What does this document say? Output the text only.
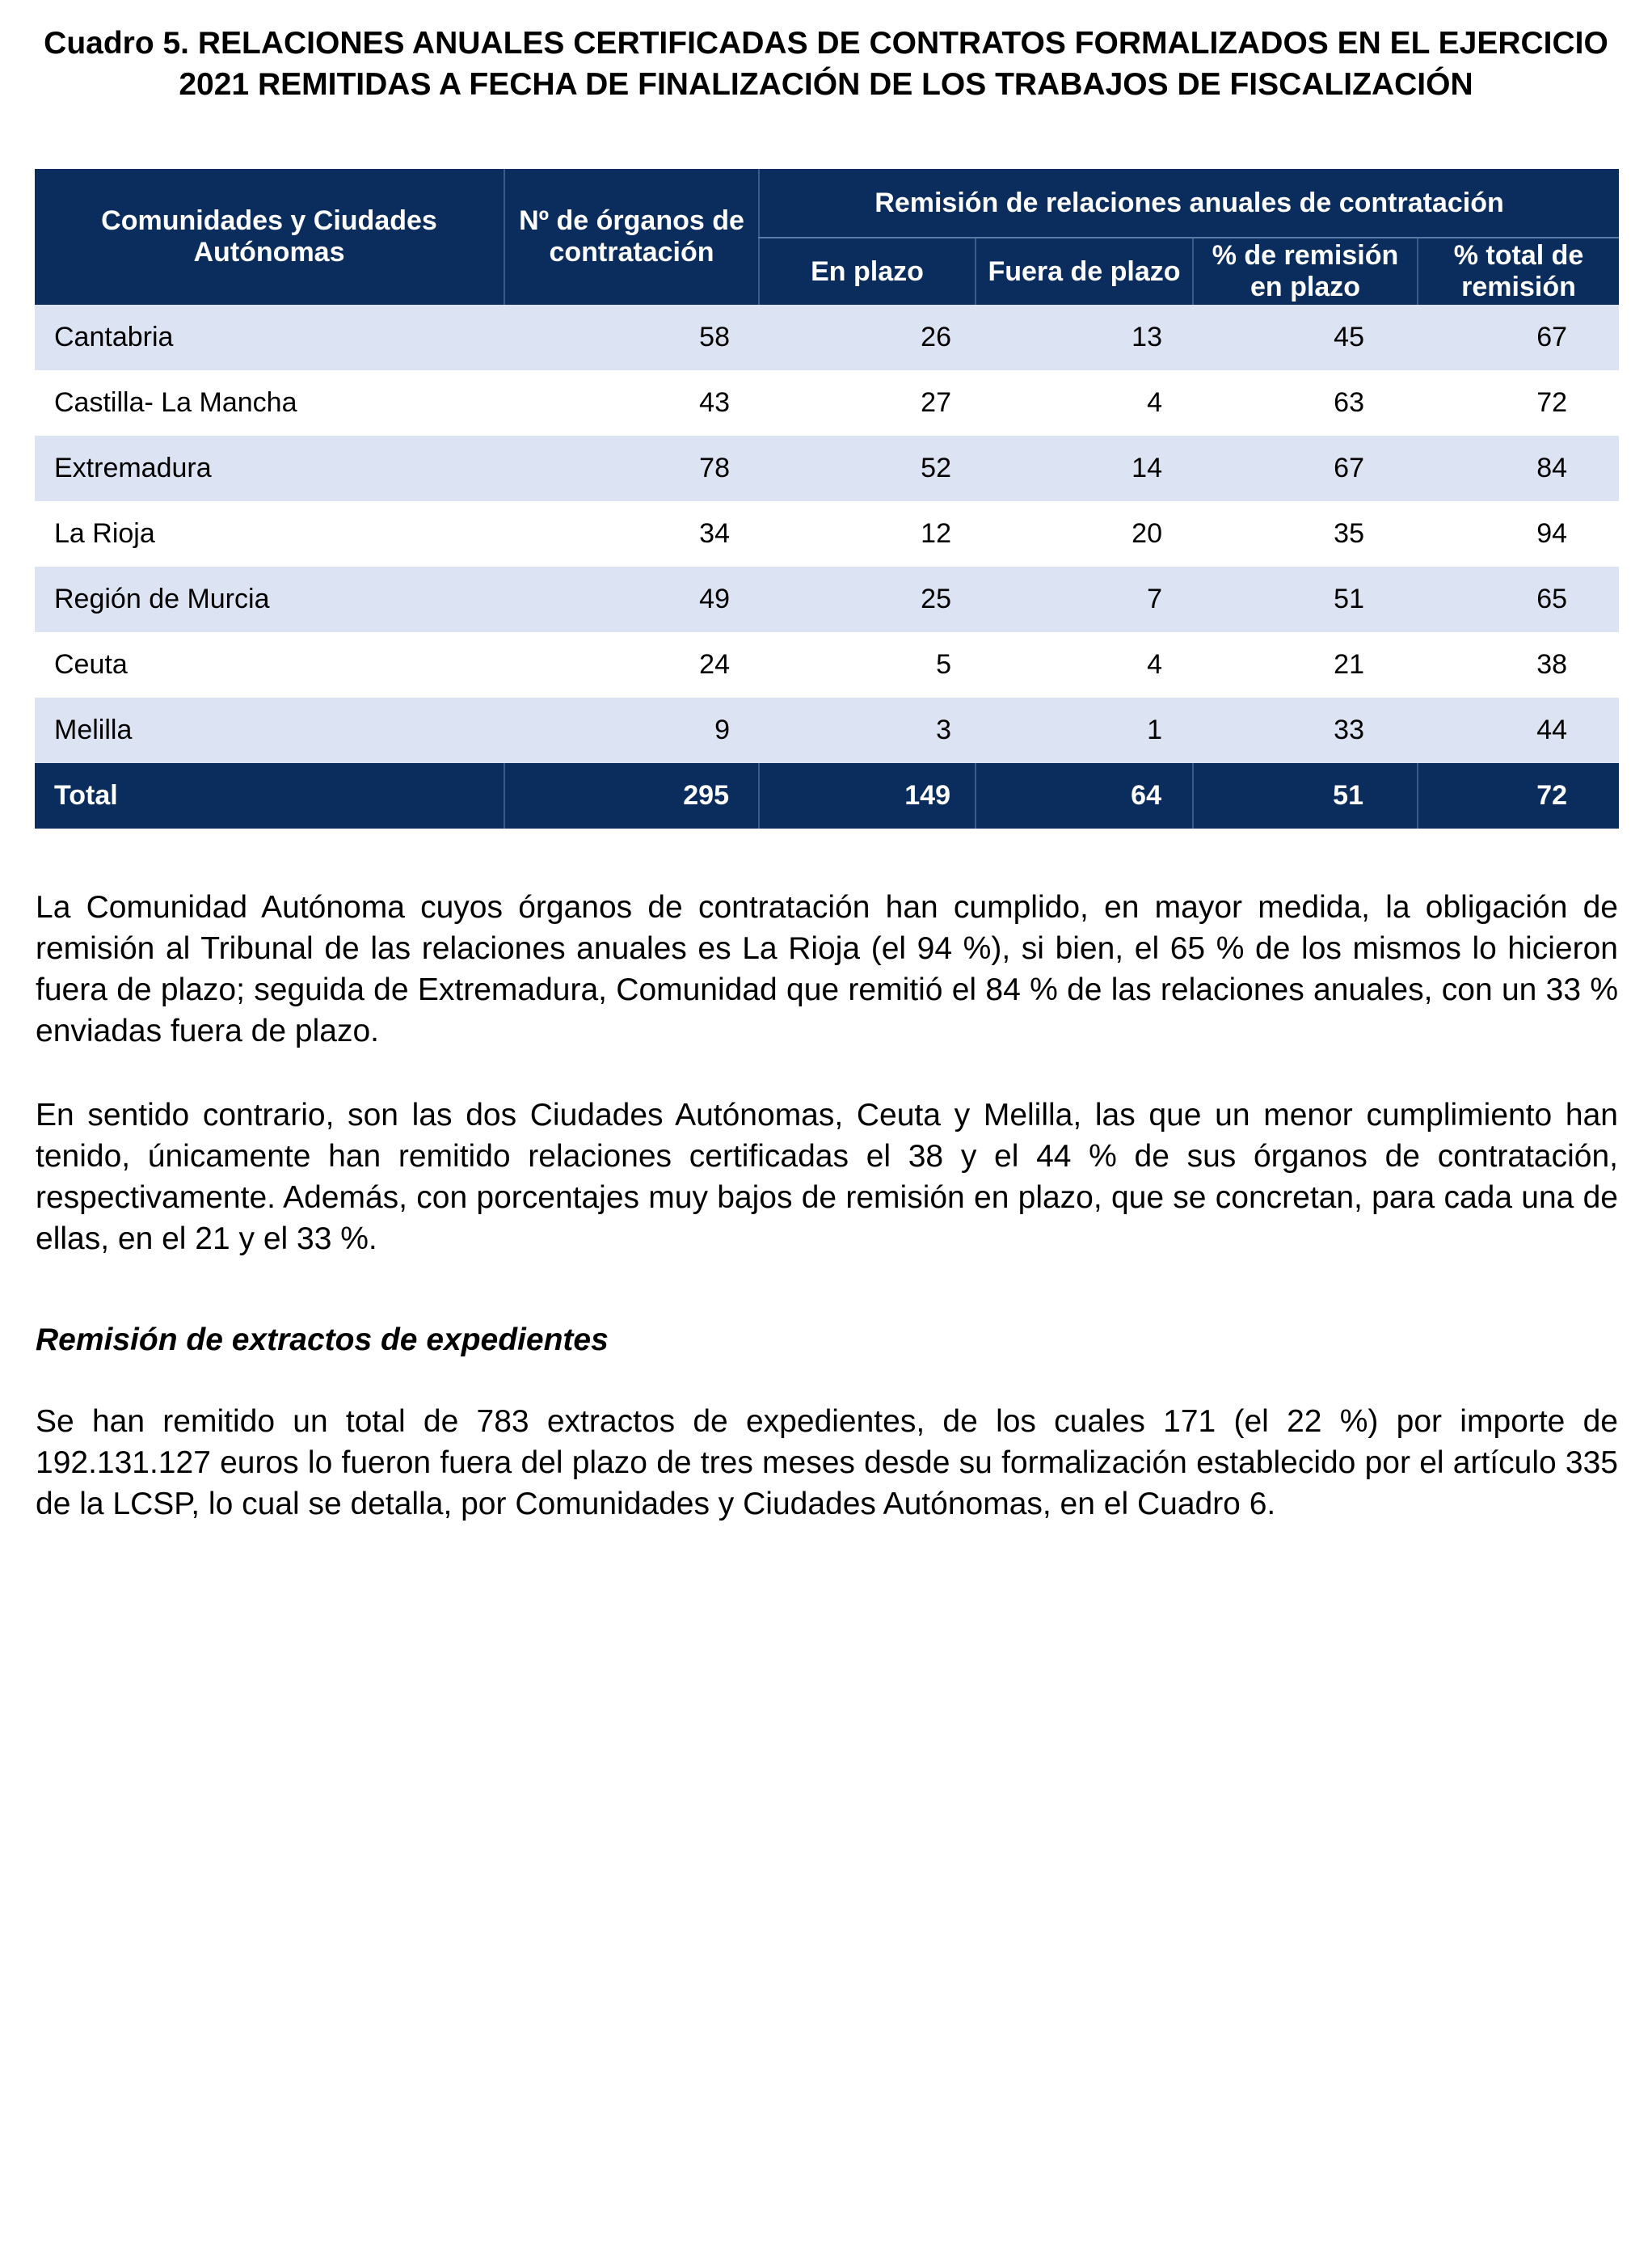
Cuadro 5. RELACIONES ANUALES CERTIFICADAS DE CONTRATOS FORMALIZADOS EN EL EJERCICIO 2021 REMITIDAS A FECHA DE FINALIZACIÓN DE LOS TRABAJOS DE FISCALIZACIÓN
Comunidades y Ciudades Autónomas	Nº de órganos de contratación	Remisión de relaciones anuales de contratación			
		En plazo	Fuera de plazo	% de remisión en plazo	% total de remisión
Cantabria	58	26	13	45	67
Castilla- La Mancha	43	27	4	63	72
Extremadura	78	52	14	67	84
La Rioja	34	12	20	35	94
Región de Murcia	49	25	7	51	65
Ceuta	24	5	4	21	38
Melilla	9	3	1	33	44
Total	295	149	64	51	72

La Comunidad Autónoma cuyos órganos de contratación han cumplido, en mayor medida, la obligación de remisión al Tribunal de las relaciones anuales es La Rioja (el 94 %), si bien, el 65 % de los mismos lo hicieron fuera de plazo; seguida de Extremadura, Comunidad que remitió el 84 % de las relaciones anuales, con un 33 % enviadas fuera de plazo.

En sentido contrario, son las dos Ciudades Autónomas, Ceuta y Melilla, las que un menor cumplimiento han tenido, únicamente han remitido relaciones certificadas el 38 y el 44 % de sus órganos de contratación, respectivamente. Además, con porcentajes muy bajos de remisión en plazo, que se concretan, para cada una de ellas, en el 21 y el 33 %.

Remisión de extractos de expedientes

Se han remitido un total de 783 extractos de expedientes, de los cuales 171 (el 22 %) por importe de 192.131.127 euros lo fueron fuera del plazo de tres meses desde su formalización establecido por el artículo 335 de la LCSP, lo cual se detalla, por Comunidades y Ciudades Autónomas, en el Cuadro 6.
